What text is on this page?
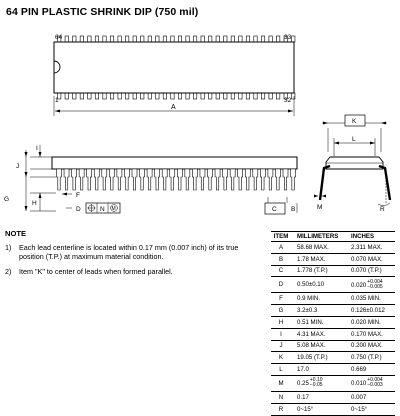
64 PIN PLASTIC SHRINK DIP (750 mil)
64	33
1	32
A
I
J
G
H
F
D	N M	C B
K
L
M	R
NOTE
1)	Each lead centerline is located within 0.17 mm (0.007 inch) of its true position (T.P.) at maximum material condition.
2)	Item "K" to center of leads when formed parallel.
ITEM	MILLIMETERS	INCHES
A	58.68 MAX.	2.311 MAX.
B	1.78 MAX.	0.070 MAX.
C	1.778 (T.P.)	0.070 (T.P.)
D	0.50±0.10	0.020 +0.004
−0.005

F	0.9 MIN.	0.035 MIN.
G	3.2±0.3	0.126±0.012
H	0.51 MIN.	0.020 MIN.
I	4.31 MAX.	0.170 MAX.
J	5.08 MAX.	0.200 MAX.
K	19.05 (T.P.)	0.750 (T.P.)
L	17.0	0.669
M	0.25 +0.10
−0.05	0.010 +0.004
−0.003

N	0.17	0.007
R	0~15°	0~15°
